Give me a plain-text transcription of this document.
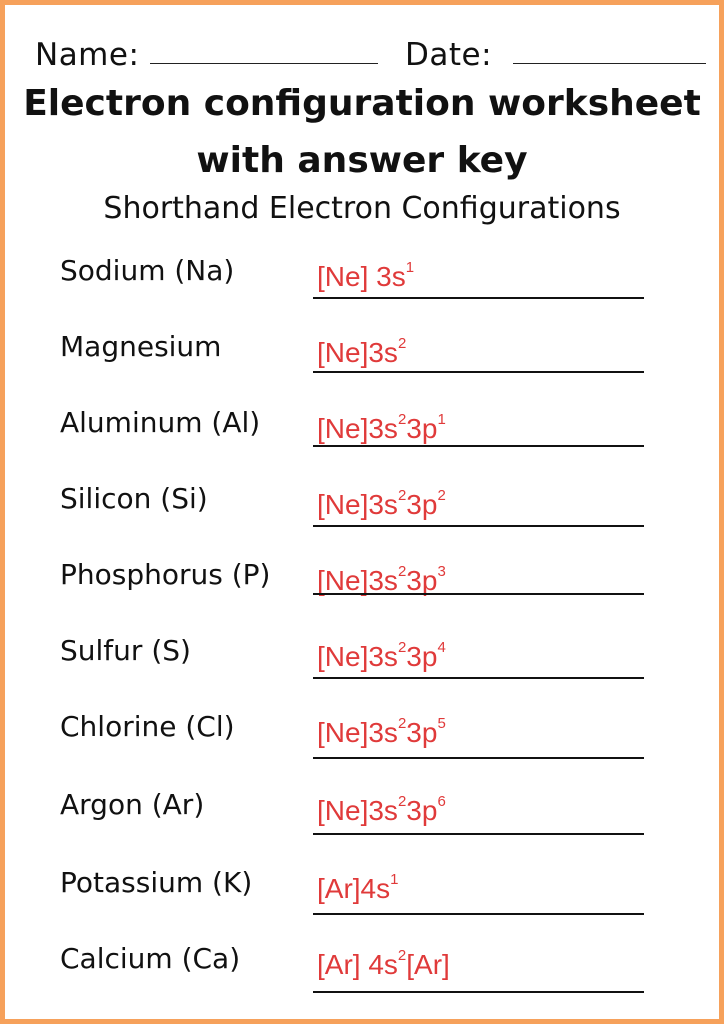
Name:	Date:
Electron configuration worksheet
with answer key
Shorthand Electron Configurations
Sodium (Na)	[Ne] $3s^1$
Magnesium	$[Ne]3s^2$
Aluminum (Al) $[Ne]3s^23p^1$
Silicon (Si)	$[Ne]3s^23p^2$
Phosphorus (P) $[Ne]3s^23p^3$
Sulfur (S)	$[Ne]3s^23p^4$
Chlorine (Cl)	$[Ne]3s^23p^5$
Argon (Ar)	$[Ne]3s^23p^6$
Potassium (K) $[Ar]4s^1$
Calcium (Ca)	[Ar] $4s^2[Ar]$
